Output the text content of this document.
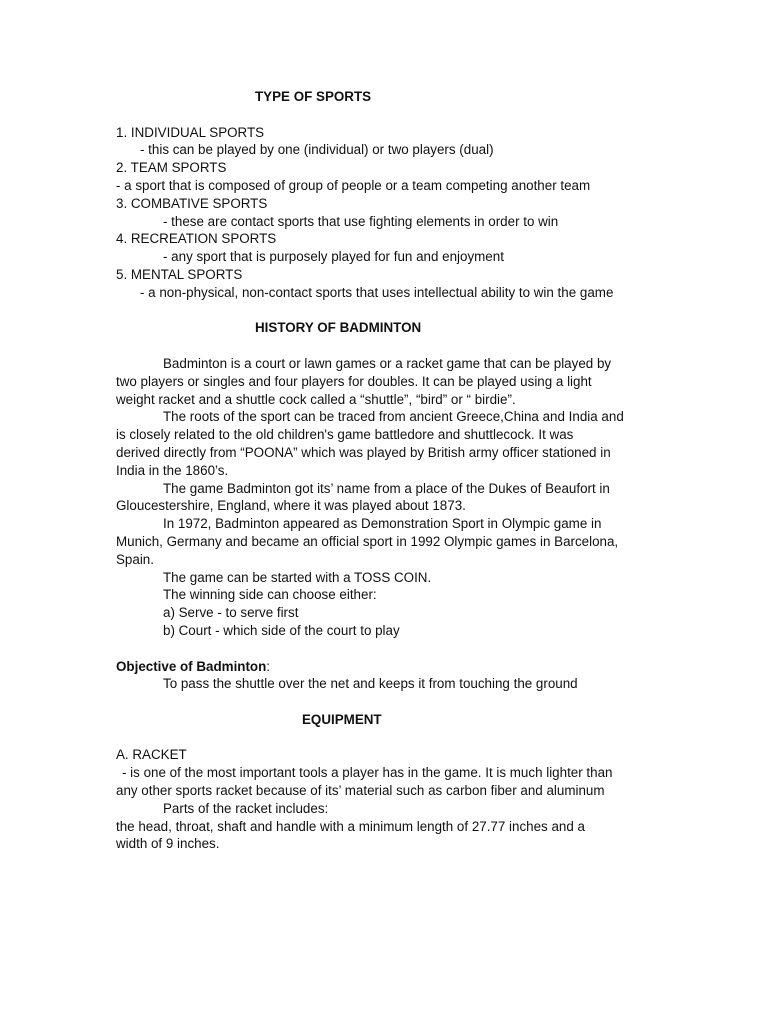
TYPE OF SPORTS
1. INDIVIDUAL SPORTS
- this can be played by one (individual) or two players (dual)
2. TEAM SPORTS
- a sport that is composed of group of people or a team competing another team
3. COMBATIVE SPORTS
- these are contact sports that use fighting elements in order to win
4. RECREATION SPORTS
- any sport that is purposely played for fun and enjoyment
5. MENTAL SPORTS
- a non-physical, non-contact sports that uses intellectual ability to win the game
HISTORY OF BADMINTON
Badminton is a court or lawn games or a racket game that can be played by
two players or singles and four players for doubles. It can be played using a light
weight racket and a shuttle cock called a “shuttle”, “bird” or “ birdie”.
The roots of the sport can be traced from ancient Greece,China and India and
is closely related to the old children's game battledore and shuttlecock. It was
derived directly from “POONA” which was played by British army officer stationed in
India in the 1860’s.
The game Badminton got its’ name from a place of the Dukes of Beaufort in
Gloucestershire, England, where it was played about 1873.
In 1972, Badminton appeared as Demonstration Sport in Olympic game in
Munich, Germany and became an official sport in 1992 Olympic games in Barcelona,
Spain.
The game can be started with a TOSS COIN.
The winning side can choose either:
a) Serve - to serve first
b) Court - which side of the court to play
Objective of Badminton:
To pass the shuttle over the net and keeps it from touching the ground
EQUIPMENT
A. RACKET
- is one of the most important tools a player has in the game. It is much lighter than
any other sports racket because of its’ material such as carbon fiber and aluminum
Parts of the racket includes:
the head, throat, shaft and handle with a minimum length of 27.77 inches and a
width of 9 inches.
